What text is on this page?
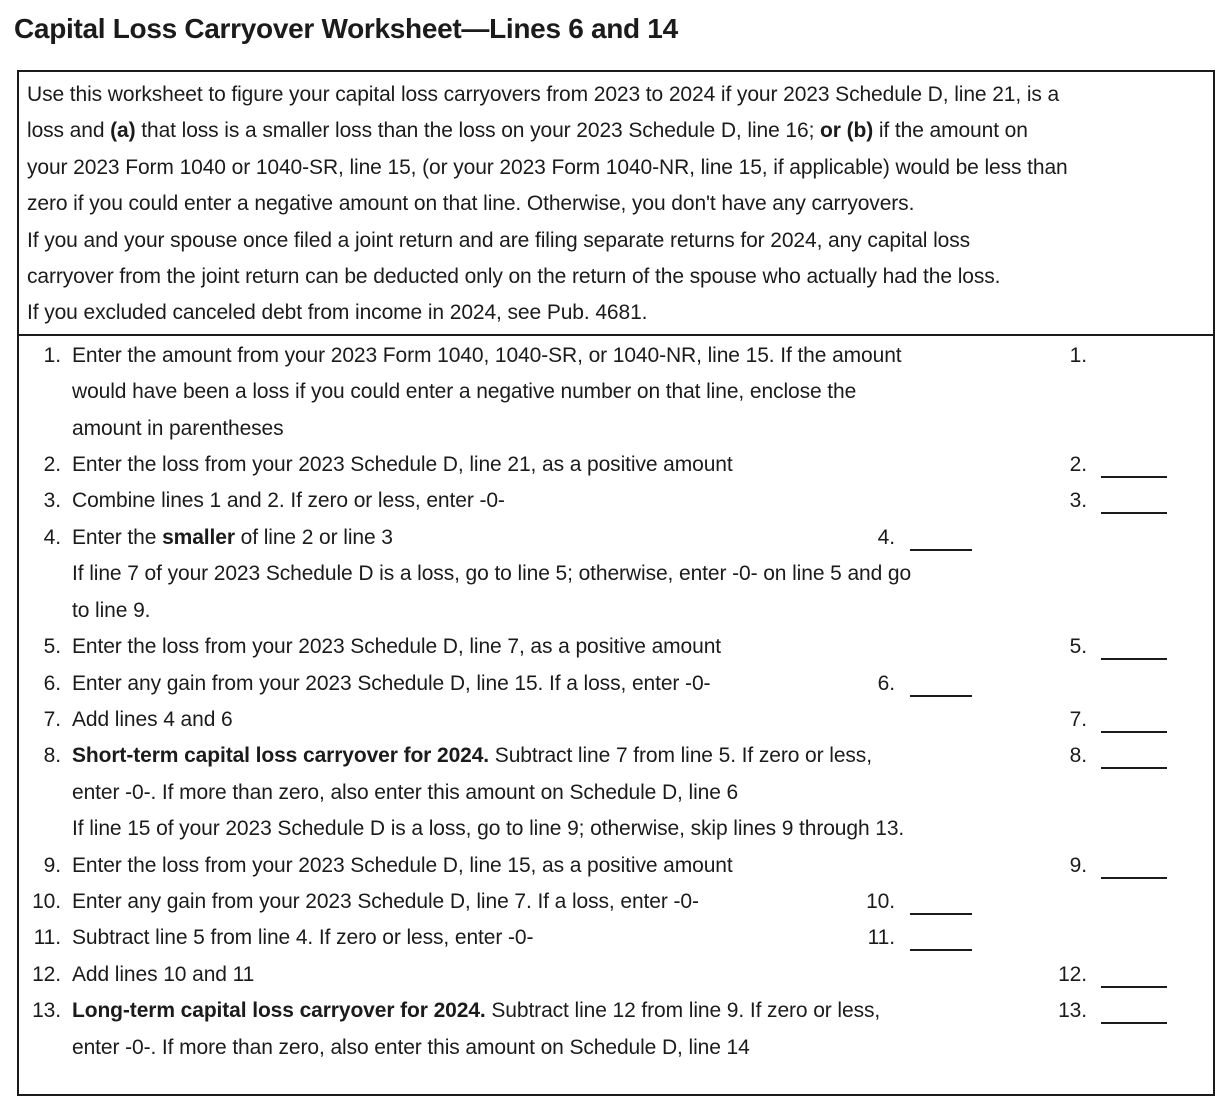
Capital Loss Carryover Worksheet—Lines 6 and 14
Use this worksheet to figure your capital loss carryovers from 2023 to 2024 if your 2023 Schedule D, line 21, is a
loss and (a) that loss is a smaller loss than the loss on your 2023 Schedule D, line 16; or (b) if the amount on
your 2023 Form 1040 or 1040-SR, line 15, (or your 2023 Form 1040-NR, line 15, if applicable) would be less than
zero if you could enter a negative amount on that line. Otherwise, you don't have any carryovers.
If you and your spouse once filed a joint return and are filing separate returns for 2024, any capital loss
carryover from the joint return can be deducted only on the return of the spouse who actually had the loss.
If you excluded canceled debt from income in 2024, see Pub. 4681.
1. Enter the amount from your 2023 Form 1040, 1040-SR, or 1040-NR, line 15. If the amount
would have been a loss if you could enter a negative number on that line, enclose the
amount in parentheses
1.
2. Enter the loss from your 2023 Schedule D, line 21, as a positive amount	2.
3. Combine lines 1 and 2. If zero or less, enter -0-	3.
4. Enter the smaller of line 2 or line 3
If line 7 of your 2023 Schedule D is a loss, go to line 5; otherwise, enter -0- on line 5 and go
to line 9.
4.
5. Enter the loss from your 2023 Schedule D, line 7, as a positive amount	5.
6. Enter any gain from your 2023 Schedule D, line 15. If a loss, enter -0-	6.
7. Add lines 4 and 6	7.
8. Short-term capital loss carryover for 2024. Subtract line 7 from line 5. If zero or less,
enter -0-. If more than zero, also enter this amount on Schedule D, line 6
If line 15 of your 2023 Schedule D is a loss, go to line 9; otherwise, skip lines 9 through 13.
8.
9. Enter the loss from your 2023 Schedule D, line 15, as a positive amount	9.
10. Enter any gain from your 2023 Schedule D, line 7. If a loss, enter -0-	10.
11. Subtract line 5 from line 4. If zero or less, enter -0-	11.
12. Add lines 10 and 11	12.
13. Long-term capital loss carryover for 2024. Subtract line 12 from line 9. If zero or less,
enter -0-. If more than zero, also enter this amount on Schedule D, line 14
13.
